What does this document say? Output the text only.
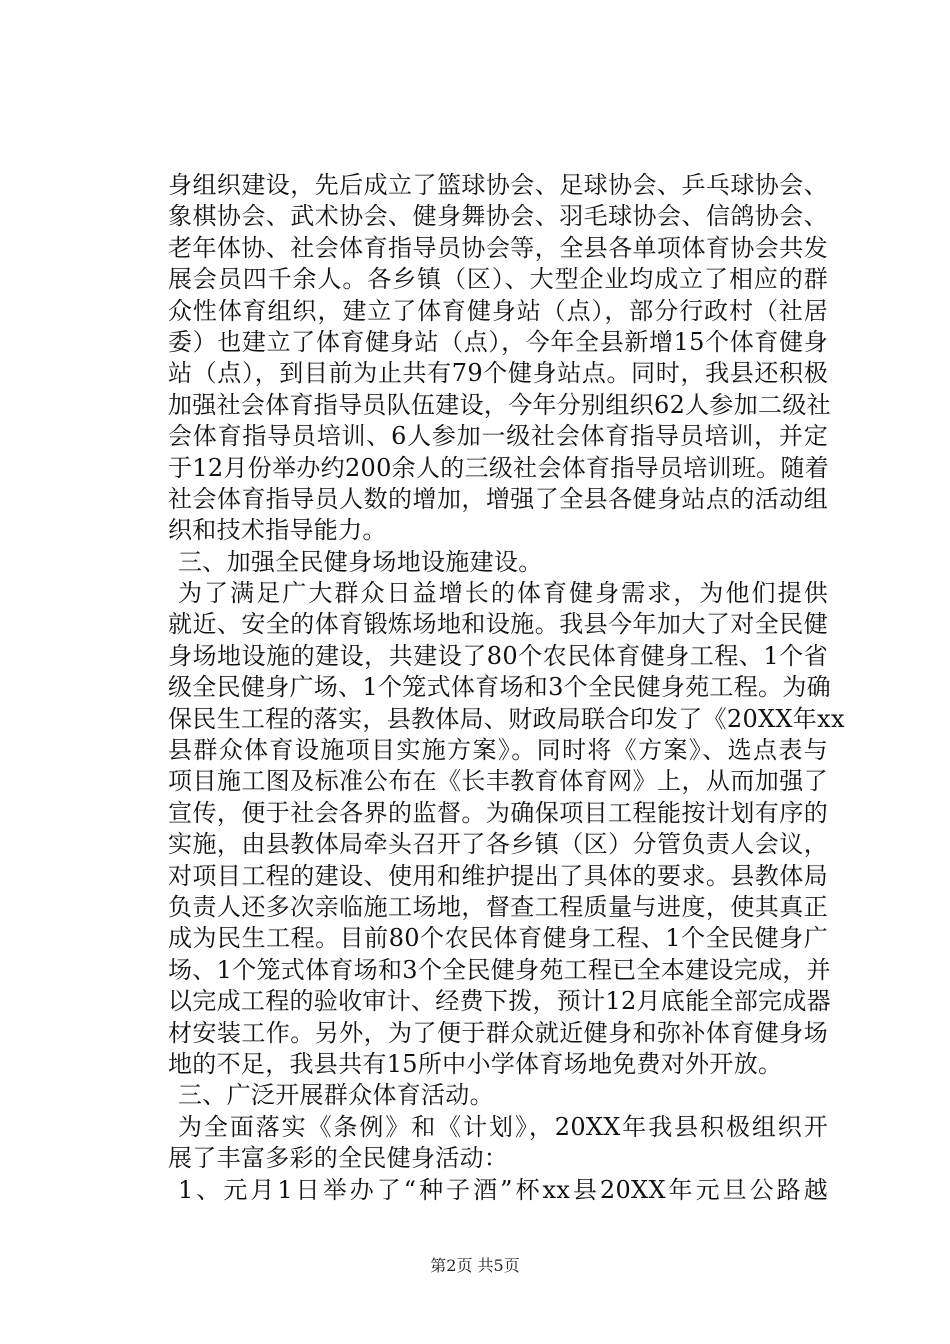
身组织建设，先后成立了篮球协会、足球协会、乒乓球协会、
象棋协会、武术协会、健身舞协会、羽毛球协会、信鸽协会、
老年体协、社会体育指导员协会等，全县各单项体育协会共发
展会员四千余人。各乡镇（区）、大型企业均成立了相应的群
众性体育组织，建立了体育健身站（点），部分行政村（社居
委）也建立了体育健身站（点），今年全县新增15个体育健身
站（点），到目前为止共有79个健身站点。同时，我县还积极
加强社会体育指导员队伍建设，今年分别组织62人参加二级社
会体育指导员培训、6人参加一级社会体育指导员培训，并定
于12月份举办约200余人的三级社会体育指导员培训班。随着
社会体育指导员人数的增加，增强了全县各健身站点的活动组
织和技术指导能力。
三、加强全民健身场地设施建设。
为了满足广大群众日益增长的体育健身需求，为他们提供
就近、安全的体育锻炼场地和设施。我县今年加大了对全民健
身场地设施的建设，共建设了80个农民体育健身工程、1个省
级全民健身广场、1个笼式体育场和3个全民健身苑工程。为确
保民生工程的落实，县教体局、财政局联合印发了《20XX年xx
县群众体育设施项目实施方案》。同时将《方案》、选点表与
项目施工图及标准公布在《长丰教育体育网》上，从而加强了
宣传，便于社会各界的监督。为确保项目工程能按计划有序的
实施，由县教体局牵头召开了各乡镇（区）分管负责人会议，
对项目工程的建设、使用和维护提出了具体的要求。县教体局
负责人还多次亲临施工场地，督查工程质量与进度，使其真正
成为民生工程。目前80个农民体育健身工程、1个全民健身广
场、1个笼式体育场和3个全民健身苑工程已全本建设完成，并
以完成工程的验收审计、经费下拨，预计12月底能全部完成器
材安装工作。另外，为了便于群众就近健身和弥补体育健身场
地的不足，我县共有15所中小学体育场地免费对外开放。
三、广泛开展群众体育活动。
为全面落实《条例》和《计划》，20XX年我县积极组织开
展了丰富多彩的全民健身活动：
1、元月1日举办了“种子酒”杯xx县20XX年元旦公路越
第2页 共5页
